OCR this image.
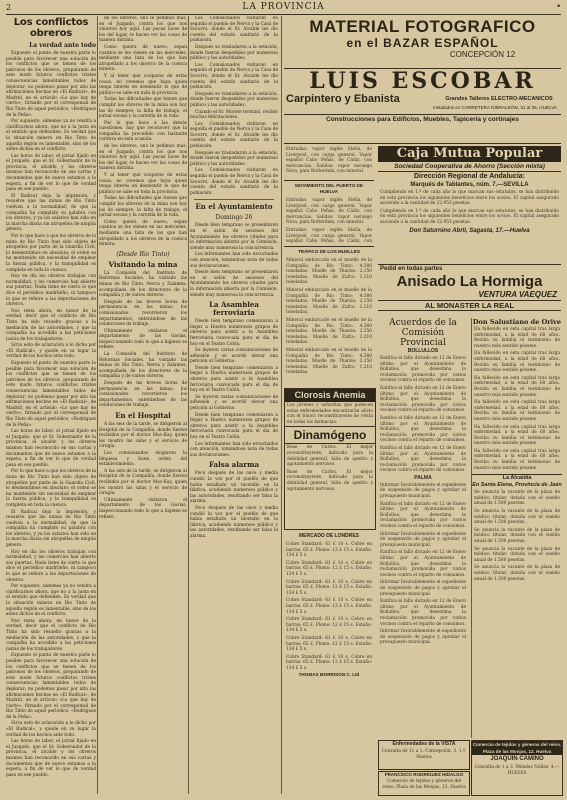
2	LA PROVINCIA	•
Los conflictos obreros
La verdad ante todo

Expuesto el punto de nuestra parte lo posible para favorecer una solución de los conflictos que se tienen de los patronos de los obreros, preparando de este modo futuros conflictos tristes consecuencias lamentables todos de deplorar; no podemos pasar por alto las afirmaciones hechas en «El Radical», de Madrid, en el artículo «Lo que hay de cierto», firmado por el corresponsal de Rio Tinto de aquel periódico, «Rodríguez de la Peña».

Por supuesto, sabemos ya no vendrá a clarificarnos ahora, que no a la justa en el sentido que defienden. Es verdad que la situación minera en Rio Tinto de aquella región es lamentable, sino de los antes dichos en el conflicto.

Las horas de labor, el jornal fijado en el Juzgado, que el Sr. Gobernador de la provincia, el alcalde y los obreros mismos han reconocido en sus cartas y documentos que de nuevo estamos a la espera, a fin de ver lo que de verdad pasa en ese pueblo.

El Radical deja la impresión, y resuelve que las minas de Rio Tinto vuelvan a la normalidad; de que la compañía ha cumplido su palabra con los obreros, y ya los salarios han sido en la marcha diaria sin atropellos de ningún género.

Por lo que hace a que los obreros de la mina de Rio Tinto han sido objeto de atropellos por parte de la Guardia Civil, lo desmentimos en absoluto; el orden se ha mantenido sin necesidad de emplear la fuerza pública, y la tranquilidad es completa en toda la cuenca.

Hoy en día los obreros trabajan con normalidad, y los comercios han abierto sus puertas. Nada tiene de cierto lo que dice el periódico madrileño, ni tampoco lo que se refiere a las deportaciones de obreros.

Nos resta ahora, en honor de la verdad, decir que el conflicto de Rio Tinto ha sido resuelto gracias a la mediación de las autoridades, y que la compañía ha accedido a las peticiones justas de los trabajadores.

Sirva esto de aclaración a lo dicho por «El Radical», y quede en su lugar la verdad de los hechos ante todo.

Expuesto el punto de nuestra parte lo posible para favorecer una solución de los conflictos que se tienen de los patronos de los obreros, preparando de este modo futuros conflictos tristes consecuencias lamentables todos de deplorar; no podemos pasar por alto las afirmaciones hechas en «El Radical», de Madrid, en el artículo «Lo que hay de cierto», firmado por el corresponsal de Rio Tinto de aquel periódico, «Rodríguez de la Peña».

Las horas de labor, el jornal fijado en el Juzgado, que el Sr. Gobernador de la provincia, el alcalde y los obreros mismos han reconocido en sus cartas y documentos que de nuevo estamos a la espera, a fin de ver lo que de verdad pasa en ese pueblo.

Por lo que hace a que los obreros de la mina de Rio Tinto han sido objeto de atropellos por parte de la Guardia Civil, lo desmentimos en absoluto; el orden se ha mantenido sin necesidad de emplear la fuerza pública, y la tranquilidad es completa en toda la cuenca.

El Radical deja la impresión, y resuelve que las minas de Rio Tinto vuelvan a la normalidad; de que la compañía ha cumplido su palabra con los obreros, y ya los salarios han sido en la marcha diaria sin atropellos de ningún género.

Hoy en día los obreros trabajan con normalidad, y los comercios han abierto sus puertas. Nada tiene de cierto lo que dice el periódico madrileño, ni tampoco lo que se refiere a las deportaciones de obreros.

Por supuesto, sabemos ya no vendrá a clarificarnos ahora, que no a la justa en el sentido que defienden. Es verdad que la situación minera en Rio Tinto de aquella región es lamentable, sino de los antes dichos en el conflicto.

Nos resta ahora, en honor de la verdad, decir que el conflicto de Rio Tinto ha sido resuelto gracias a la mediación de las autoridades, y que la compañía ha accedido a las peticiones justas de los trabajadores.

Expuesto el punto de nuestra parte lo posible para favorecer una solución de los conflictos que se tienen de los patronos de los obreros, preparando de este modo futuros conflictos tristes consecuencias lamentables todos de deplorar; no podemos pasar por alto las afirmaciones hechas en «El Radical», de Madrid, en el artículo «Lo que hay de cierto», firmado por el corresponsal de Rio Tinto de aquel periódico, «Rodríguez de la Peña».

Sirva esto de aclaración a lo dicho por «El Radical», y quede en su lugar la verdad de los hechos ante todo.

Las horas de labor, el jornal fijado en el Juzgado, que el Sr. Gobernador de la provincia, el alcalde y los obreros mismos han reconocido en sus cartas y documentos que de nuevo estamos a la espera, a fin de ver lo que de verdad pasa en ese pueblo.

de los obreros, uno le pedimos más, en el Juzgado, contra los que nos vinieron hoy aquí. Las pocas luces de los del lugar, le hacen ver las cosas de manera distinta.

Como quiera de nuevo, sepan cuantos se les vienen en las mercedes, mediante una lista de los que han atropellado a los obreros de la cuenca minera.

Y al tener que ocuparse de estas cosas, no creemos que haya quien tenga interés en desmentir lo que de público se sabe en toda la provincia.

Todas las dificultades que tienen que cumplir los obreros de la mina son hoy las de siempre; la falta de trabajo, el jornal escaso y la carestía de la vida.

Por lo que hace a las demás cuestiones, hay que reconocer que la compañía ha procedido con bastante cordura en esta ocasión.

de los obreros, uno le pedimos más, en el Juzgado, contra los que nos vinieron hoy aquí. Las pocas luces de los del lugar, le hacen ver las cosas de manera distinta.

Y al tener que ocuparse de estas cosas, no creemos que haya quien tenga interés en desmentir lo que de público se sabe en toda la provincia.

Todas las dificultades que tienen que cumplir los obreros de la mina son hoy las de siempre; la falta de trabajo, el jornal escaso y la carestía de la vida.

Como quiera de nuevo, sepan cuantos se les vienen en las mercedes, mediante una lista de los que han atropellado a los obreros de la cuenca minera.

(Desde Rio Tinto)
Visitando la mina

La Comisión del Instituto de Reformas Sociales, ha visitado las minas de Rio Tinto, Nerva y Zalamea, acompañada de los directores de la compañía y de varios obreros.

Después de las breves horas de permanencia en las minas, los comisionados recorrieron los departamentos, enterándose de las condiciones de trabajo.

Ultimamente visitaron el departamento de las Gavias, inspeccionando todo lo que a higiene se refiere.

La Comisión del Instituto de Reformas Sociales, ha visitado las minas de Rio Tinto, Nerva y Zalamea, acompañada de los directores de la compañía y de varios obreros.

Después de las breves horas de permanencia en las minas, los comisionados recorrieron los departamentos, enterándose de las condiciones de trabajo.

En el Hospital

A las seis de la tarde, se dirigieron al Hospital de la Compañía, donde fueron recibidos por el doctor Mac-Kay, quien les mostró las salas y el servicio de cirugía.

Los comisionados elogiaron la limpieza y buen orden del establecimiento.

A las seis de la tarde, se dirigieron al Hospital de la Compañía, donde fueron recibidos por el doctor Mac-Kay, quien les mostró las salas y el servicio de cirugía.

Ultimamente visitaron el departamento de las Gavias, inspeccionando todo lo que a higiene se refiere.

Los Comisionados visitaron en seguida el pueblo de Nerva y la Casa de Socorro, donde el Sr. Alcalde les dio cuenta del estado sanitario de la población.

Después se trasladaron a la estación, donde fueron despedidos por numeroso público y las autoridades.

Los Comisionados visitaron en seguida el pueblo de Nerva y la Casa de Socorro, donde el Sr. Alcalde les dio cuenta del estado sanitario de la población.

Después se trasladaron a la estación, donde fueron despedidos por numeroso público y las autoridades.

Cuando el Sr. Morote terminó, recibió muchas felicitaciones.

Los Comisionados visitaron en seguida el pueblo de Nerva y la Casa de Socorro, donde el Sr. Alcalde les dio cuenta del estado sanitario de la población.

Después se trasladaron a la estación, donde fueron despedidos por numeroso público y las autoridades.

Los Comisionados visitaron en seguida el pueblo de Nerva y la Casa de Socorro, donde el Sr. Alcalde les dio cuenta del estado sanitario de la población.

En el Ayuntamiento
Domingo 26

Desde bien temprano se presentaron en el salón de sesiones del Ayuntamiento los obreros citados para la información abierta por la Comisión, siendo muy numerosa la concurrencia.

Los informantes han sido escuchados con atención, tomándose nota de todas sus declaraciones.

Desde bien temprano se presentaron en el salón de sesiones del Ayuntamiento los obreros citados para la información abierta por la Comisión, siendo muy numerosa la concurrencia.

La Asamblea ferroviaria

Desde bien temprano comenzaron a llegar a Huelva numerosos grupos de obreros para asistir a la Asamblea ferroviaria convocada para el día de hoy en el Teatro Colón.

Se leyeron varias comunicaciones de adhesión y se acordó elevar una petición al Gobierno.

Desde bien temprano comenzaron a llegar a Huelva numerosos grupos de obreros para asistir a la Asamblea ferroviaria convocada para el día de hoy en el Teatro Colón.

Se leyeron varias comunicaciones de adhesión y se acordó elevar una petición al Gobierno.

Desde bien temprano comenzaron a llegar a Huelva numerosos grupos de obreros para asistir a la Asamblea ferroviaria convocada para el día de hoy en el Teatro Colón.

Los informantes han sido escuchados con atención, tomándose nota de todas sus declaraciones.

Falsa alarma

Poco después de las once y media cundió la voz por el pueblo de que había estallado un incendio en la fábrica, acudiendo numeroso público y las autoridades, resultando ser falsa la alarma.

Poco después de las once y media cundió la voz por el pueblo de que había estallado un incendio en la fábrica, acudiendo numeroso público y las autoridades, resultando ser falsa la alarma.

MATERIAL FOTOGRAFICO
en el BAZAR ESPAÑOL
CONCEPCIÓN 12
LUIS ESCOBAR
Carpintero y Ebanista	Grandes Talleres ELECTRO-MECANICOS
Instalados en CARRETERA GIBRALEÓN, 31 al 35, HUELVA
Construcciones para Edificios, Muebles, Tapicería y cortinajes
Entradas: vapor inglés Stella, de Liverpool, con carga general. Vapor español Cabo Peñas, de Cádiz, con mercancías. Salidas: vapor noruego Nora, para Rotterdam, con mineral.
MOVIMIENTO DEL PUERTO DE HUELVA
Entradas: vapor inglés Stella, de Liverpool, con carga general. Vapor español Cabo Peñas, de Cádiz, con mercancías. Salidas: vapor noruego Nora, para Rotterdam, con mineral.
Entradas: vapor inglés Stella, de Liverpool, con carga general. Vapor español Cabo Peñas, de Cádiz, con
TRÁFICO DE LOS MUELLES
Mineral embarcado en el muelle de la Compañía de Rio Tinto: 4.380 toneladas. Muelle de Tharsis: 2.150 toneladas. Muelle de Zafra: 1.210 toneladas.
Mineral embarcado en el muelle de la Compañía de Rio Tinto: 4.380 toneladas. Muelle de Tharsis: 2.150 toneladas. Muelle de Zafra: 1.210 toneladas.
Mineral embarcado en el muelle de la Compañía de Rio Tinto: 4.380 toneladas. Muelle de Tharsis: 2.150 toneladas. Muelle de Zafra: 1.210 toneladas.
Mineral embarcado en el muelle de la Compañía de Rio Tinto: 4.380 toneladas. Muelle de Tharsis: 2.150 toneladas. Muelle de Zafra: 1.210 toneladas.
Clorosis Anemia
Los jóvenes y señoritas que padecen estas enfermedades encontrarán alivio con el tónico reconstituyente de venta en todas las farmacias.
Dinamógeno
Base de Carlos. El mejor reconstituyente, indicado para la debilidad general, falta de apetito y agotamiento nervioso.
Base de Carlos. El mejor reconstituyente, indicado para la debilidad general, falta de apetito y agotamiento nervioso.
MERCADO DE LONDRES
Cobre Standard: 61 £ 10 s. Cobre en barras: 65 £. Plomo: 12 £ 15 s. Estaño: 134 £ 5 s.
Cobre Standard: 61 £ 10 s. Cobre en barras: 65 £. Plomo: 12 £ 15 s. Estaño: 134 £ 5 s.
Cobre Standard: 61 £ 10 s. Cobre en barras: 65 £. Plomo: 12 £ 15 s. Estaño: 134 £ 5 s.
Cobre Standard: 61 £ 10 s. Cobre en barras: 65 £. Plomo: 12 £ 15 s. Estaño: 134 £ 5 s.
Cobre Standard: 61 £ 10 s. Cobre en barras: 65 £. Plomo: 12 £ 15 s. Estaño: 134 £ 5 s.
Cobre Standard: 61 £ 10 s. Cobre en barras: 65 £. Plomo: 12 £ 15 s. Estaño: 134 £ 5 s.
Cobre Standard: 61 £ 10 s. Cobre en barras: 65 £. Plomo: 12 £ 15 s. Estaño: 134 £ 5 s.
THOMAS MORRISON C. Ltd
Caja Mutua Popular
Sociedad Cooperativa de Ahorro (Sección mixta)
Dirección Regional de Andalucía:
Marqués de Tablantes, núm. 7.—SEVILLA
Cumpliendo en 1.º de cada año lo que marcan sus estatutos, se han distribuido en esta provincia los siguientes beneficios entre los socios. El capital asegurado asciende a la cantidad de 22.953 pesetas.
Cumpliendo en 1.º de cada año lo que marcan sus estatutos, se han distribuido en esta provincia los siguientes beneficios entre los socios. El capital asegurado asciende a la cantidad de 22.953 pesetas.
Don Saturnino Abril, Sagasta, 17.—Huelva
Pedid en todas partes
Anisado La Hormiga
VENTURA VAEQUEZ
AL MONASTER LA REAL
Acuerdos de la Comisión Provincial
BOLLULLOS
Ratifica el fallo dictado en 12 de Enero último por el Ayuntamiento de Bollullos, que desestima la reclamación promovida por varios vecinos contra el reparto de consumos.
Ratifica el fallo dictado en 12 de Enero último por el Ayuntamiento de Bollullos, que desestima la reclamación promovida por varios vecinos contra el reparto de consumos.
Ratifica el fallo dictado en 12 de Enero último por el Ayuntamiento de Bollullos, que desestima la reclamación promovida por varios vecinos contra el reparto de consumos.
Ratifica el fallo dictado en 12 de Enero último por el Ayuntamiento de Bollullos, que desestima la reclamación promovida por varios vecinos contra el reparto de consumos.
PALMA
Informar favorablemente el expediente de suspensión de pagos y aprobar el presupuesto municipal.
Ratifica el fallo dictado en 12 de Enero último por el Ayuntamiento de Bollullos, que desestima la reclamación promovida por varios vecinos contra el reparto de consumos.
Informar favorablemente el expediente de suspensión de pagos y aprobar el presupuesto municipal.
Ratifica el fallo dictado en 12 de Enero último por el Ayuntamiento de Bollullos, que desestima la reclamación promovida por varios vecinos contra el reparto de consumos.
Informar favorablemente el expediente de suspensión de pagos y aprobar el presupuesto municipal.
Ratifica el fallo dictado en 12 de Enero último por el Ayuntamiento de Bollullos, que desestima la reclamación promovida por varios vecinos contra el reparto de consumos.
Informar favorablemente el expediente de suspensión de pagos y aprobar el presupuesto municipal.
Don Salustiano de Orive
Ha fallecido en esta capital tras larga enfermedad, a la edad de 68 años. Reciba su familia el testimonio de nuestro más sentido pésame.
Ha fallecido en esta capital tras larga enfermedad, a la edad de 68 años. Reciba su familia el testimonio de nuestro más sentido pésame.
Ha fallecido en esta capital tras larga enfermedad, a la edad de 68 años. Reciba su familia el testimonio de nuestro más sentido pésame.
Ha fallecido en esta capital tras larga enfermedad, a la edad de 68 años. Reciba su familia el testimonio de nuestro más sentido pésame.
Ha fallecido en esta capital tras larga enfermedad, a la edad de 68 años. Reciba su familia el testimonio de nuestro más sentido pésame.
Ha fallecido en esta capital tras larga enfermedad, a la edad de 68 años. Reciba su familia el testimonio de nuestro más sentido pésame.
La Alcaidía
En Santa Elena, Provincia de Jaén
Se anuncia la vacante de la plaza de médico titular, dotada con el sueldo anual de 1.500 pesetas.
Se anuncia la vacante de la plaza de médico titular, dotada con el sueldo anual de 1.500 pesetas.
Se anuncia la vacante de la plaza de médico titular, dotada con el sueldo anual de 1.500 pesetas.
Se anuncia la vacante de la plaza de médico titular, dotada con el sueldo anual de 1.500 pesetas.
Se anuncia la vacante de la plaza de médico titular, dotada con el sueldo anual de 1.500 pesetas.
Enfermedades de la VISTA
Consulta de 11 a 1. Concepción, 3, 1.º. Huelva
FRANCISCO RODRÍGUEZ HIDALGO
Comercio de tejidos y géneros del reino. Plaza de las Monjas, 12. Huelva
Comercio de tejidos y géneros del reino. Plaza de las Monjas, 12. Huelva
JOAQUÍN CAMINO
Consulta de 1 a 3. Méndez Núñez, 4.—HUELVA
